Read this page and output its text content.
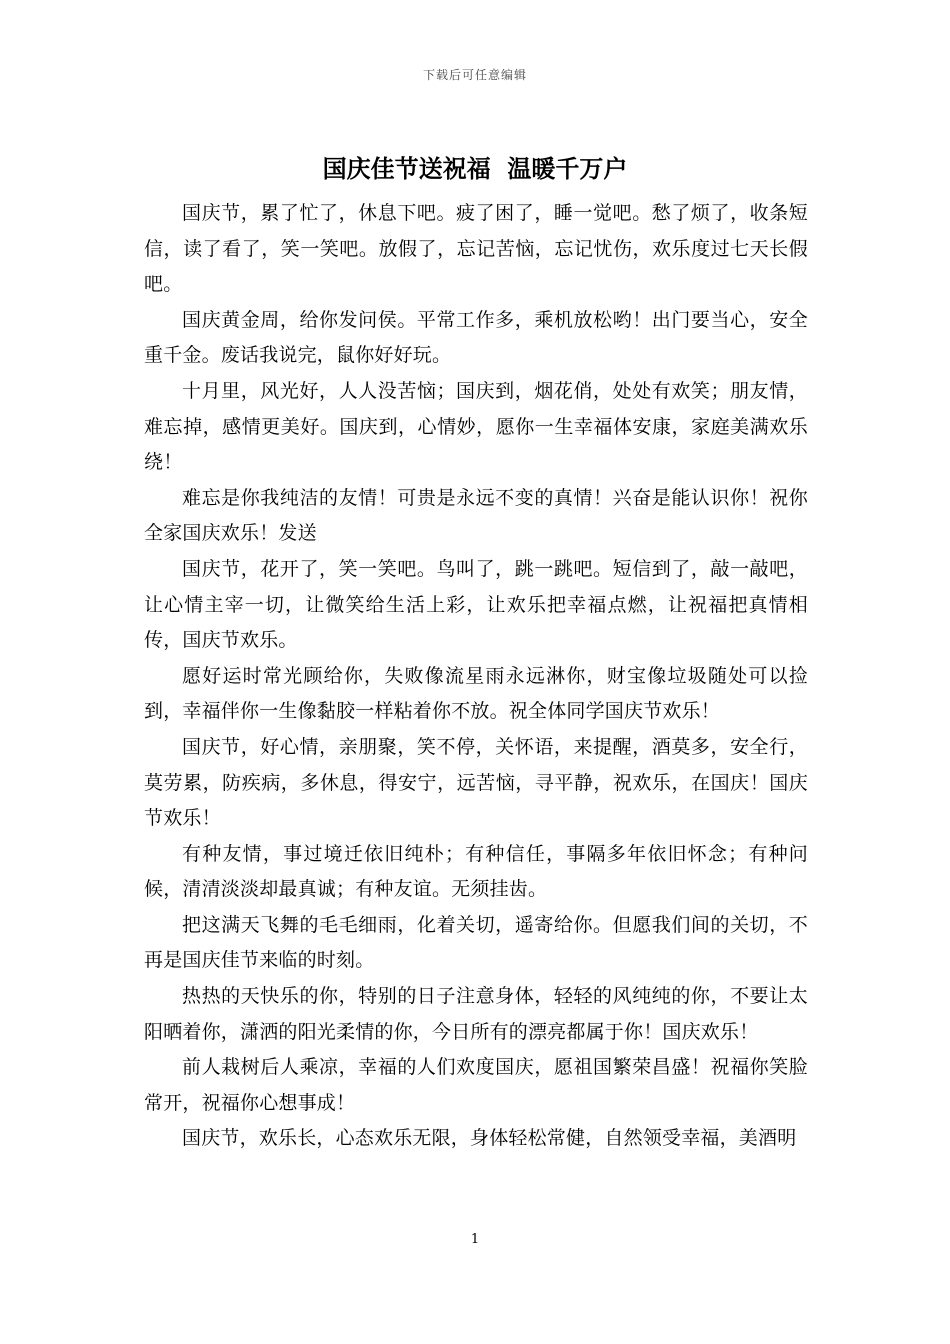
下载后可任意编辑
国庆佳节送祝福  温暖千万户

国庆节，累了忙了，休息下吧。疲了困了，睡一觉吧。愁了烦了，收条短信，读了看了，笑一笑吧。放假了，忘记苦恼，忘记忧伤，欢乐度过七天长假吧。

国庆黄金周，给你发问侯。平常工作多，乘机放松哟！出门要当心，安全重千金。废话我说完，鼠你好好玩。

十月里，风光好，人人没苦恼；国庆到，烟花俏，处处有欢笑；朋友情，难忘掉，感情更美好。国庆到，心情妙，愿你一生幸福体安康，家庭美满欢乐绕！

难忘是你我纯洁的友情！可贵是永远不变的真情！兴奋是能认识你！祝你全家国庆欢乐！发送

国庆节，花开了，笑一笑吧。鸟叫了，跳一跳吧。短信到了，敲一敲吧，让心情主宰一切，让微笑给生活上彩，让欢乐把幸福点燃，让祝福把真情相传，国庆节欢乐。

愿好运时常光顾给你，失败像流星雨永远淋你，财宝像垃圾随处可以捡到，幸福伴你一生像黏胶一样粘着你不放。祝全体同学国庆节欢乐！

国庆节，好心情，亲朋聚，笑不停，关怀语，来提醒，酒莫多，安全行，莫劳累，防疾病，多休息，得安宁，远苦恼，寻平静，祝欢乐，在国庆！国庆节欢乐！

有种友情，事过境迁依旧纯朴；有种信任，事隔多年依旧怀念；有种问候，清清淡淡却最真诚；有种友谊。无须挂齿。

把这满天飞舞的毛毛细雨，化着关切，遥寄给你。但愿我们间的关切，不再是国庆佳节来临的时刻。

热热的天快乐的你，特别的日子注意身体，轻轻的风纯纯的你，不要让太阳晒着你，潇洒的阳光柔情的你，今日所有的漂亮都属于你！国庆欢乐！

前人栽树后人乘凉，幸福的人们欢度国庆，愿祖国繁荣昌盛！祝福你笑脸常开，祝福你心想事成！

国庆节，欢乐长，心态欢乐无限，身体轻松常健，自然领受幸福，美酒明

1
